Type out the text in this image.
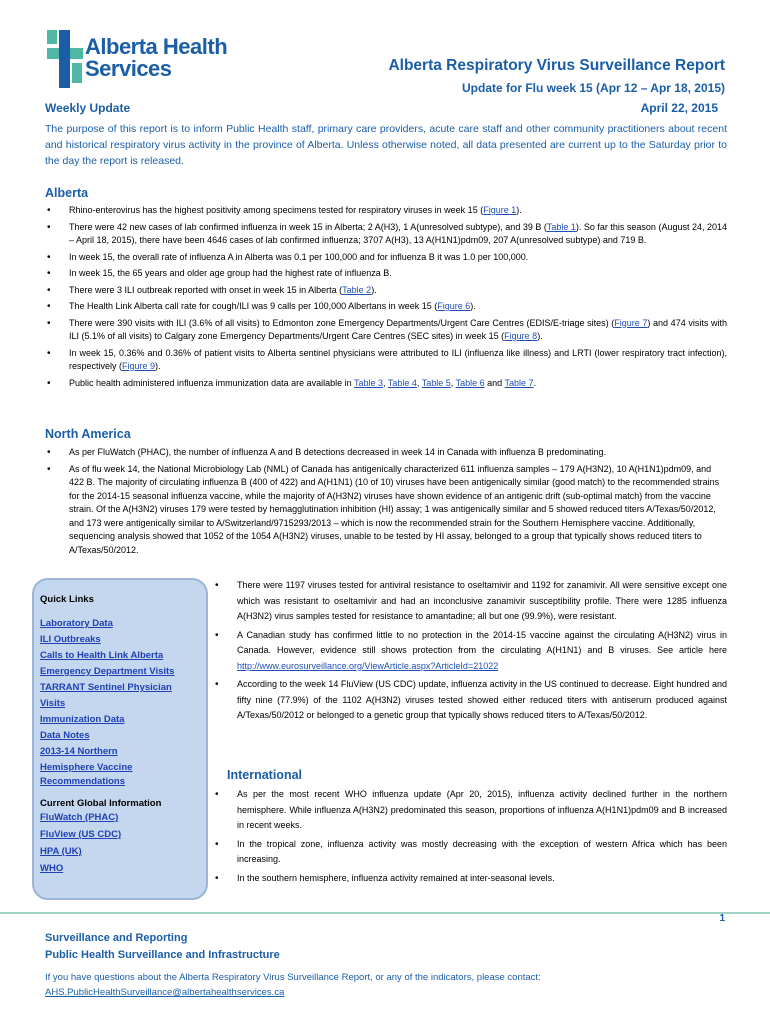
Alberta Health
Services	Alberta Respiratory Virus Surveillance Report
Update for Flu week 15 (Apr 12 – Apr 18, 2015)
Weekly Update	April 22, 2015
The purpose of this report is to inform Public Health staff, primary care providers, acute care staff and other community practitioners about recent and historical respiratory virus activity in the province of Alberta. Unless otherwise noted, all data presented are current up to the Saturday prior to the day the report is released.
Alberta
• Rhino-enterovirus has the highest positivity among specimens tested for respiratory viruses in week 15 (Figure 1).
• There were 42 new cases of lab confirmed influenza in week 15 in Alberta; 2 A(H3), 1 A(unresolved subtype), and 39 B (Table 1). So far this season (August 24, 2014 – April 18, 2015), there have been 4646 cases of lab confirmed influenza; 3707 A(H3), 13 A(H1N1)pdm09, 207 A(unresolved subtype) and 719 B.
• In week 15, the overall rate of influenza A in Alberta was 0.1 per 100,000 and for influenza B it was 1.0 per 100,000.
• In week 15, the 65 years and older age group had the highest rate of influenza B.
• There were 3 ILI outbreak reported with onset in week 15 in Alberta (Table 2).
• The Health Link Alberta call rate for cough/ILI was 9 calls per 100,000 Albertans in week 15 (Figure 6).
• There were 390 visits with ILI (3.6% of all visits) to Edmonton zone Emergency Departments/Urgent Care Centres (EDIS/E-triage sites) (Figure 7) and 474 visits with ILI (5.1% of all visits) to Calgary zone Emergency Departments/Urgent Care Centres (SEC sites) in week 15 (Figure 8).
• In week 15, 0.36% and 0.36% of patient visits to Alberta sentinel physicians were attributed to ILI (influenza like illness) and LRTI (lower respiratory tract infection), respectively (Figure 9).
• Public health administered influenza immunization data are available in Table 3, Table 4, Table 5, Table 6 and Table 7.
North America
• As per FluWatch (PHAC), the number of influenza A and B detections decreased in week 14 in Canada with influenza B predominating.
• As of flu week 14, the National Microbiology Lab (NML) of Canada has antigenically characterized 611 influenza samples – 179 A(H3N2), 10 A(H1N1)pdm09, and 422 B. The majority of circulating influenza B (400 of 422) and A(H1N1) (10 of 10) viruses have been antigenically similar (good match) to the recommended strains for the 2014-15 seasonal influenza vaccine, while the majority of A(H3N2) viruses have shown evidence of an antigenic drift (sub-optimal match) from the vaccine strain. Of the A(H3N2) viruses 179 were tested by hemagglutination inhibition (HI) assay; 1 was antigenically similar and 5 showed reduced titers A/Texas/50/2012, and 173 were antigenically similar to A/Switzerland/9715293/2013 – which is now the recommended strain for the Southern Hemisphere vaccine. Additionally, sequencing analysis showed that 1052 of the 1054 A(H3N2) viruses, unable to be tested by HI assay, belonged to a group that typically shows reduced titers to A/Texas/50/2012.
• There were 1197 viruses tested for antiviral resistance to oseltamivir and 1192 for zanamivir. All were sensitive except one which was resistant to oseltamivir and had an inconclusive zanamivir susceptibility profile. There were 1285 influenza A(H3N2) virus samples tested for resistance to amantadine; all but one (99.9%), were resistant.
• A Canadian study has confirmed little to no protection in the 2014-15 vaccine against the circulating A(H3N2) virus in Canada. However, evidence still shows protection from the circulating A(H1N1) and B viruses. See article here http://www.eurosurveillance.org/ViewArticle.aspx?ArticleId=21022
• According to the week 14 FluView (US CDC) update, influenza activity in the US continued to decrease. Eight hundred and fifty nine (77.9%) of the 1102 A(H3N2) viruses tested showed either reduced titers with antiserum produced against A/Texas/50/2012 or belonged to a genetic group that typically shows reduced titers to A/Texas/50/2012.
International
• As per the most recent WHO influenza update (Apr 20, 2015), influenza activity declined further in the northern hemisphere. While influenza A(H3N2) predominated this season, proportions of influenza A(H1N1)pdm09 and B increased in recent weeks.
• In the tropical zone, influenza activity was mostly decreasing with the exception of western Africa which has been increasing.
• In the southern hemisphere, influenza activity remained at inter-seasonal levels.
Quick Links
Laboratory Data
ILI Outbreaks
Calls to Health Link Alberta
Emergency Department Visits
TARRANT Sentinel Physician
Visits
Immunization Data
Data Notes
2013-14 Northern
Hemisphere Vaccine
Recommendations
Current Global Information
FluWatch (PHAC)
FluView (US CDC)
HPA (UK)
WHO
1
Surveillance and Reporting
Public Health Surveillance and Infrastructure
If you have questions about the Alberta Respiratory Virus Surveillance Report, or any of the indicators, please contact:
AHS.PublicHealthSurveillance@albertahealthservices.ca
